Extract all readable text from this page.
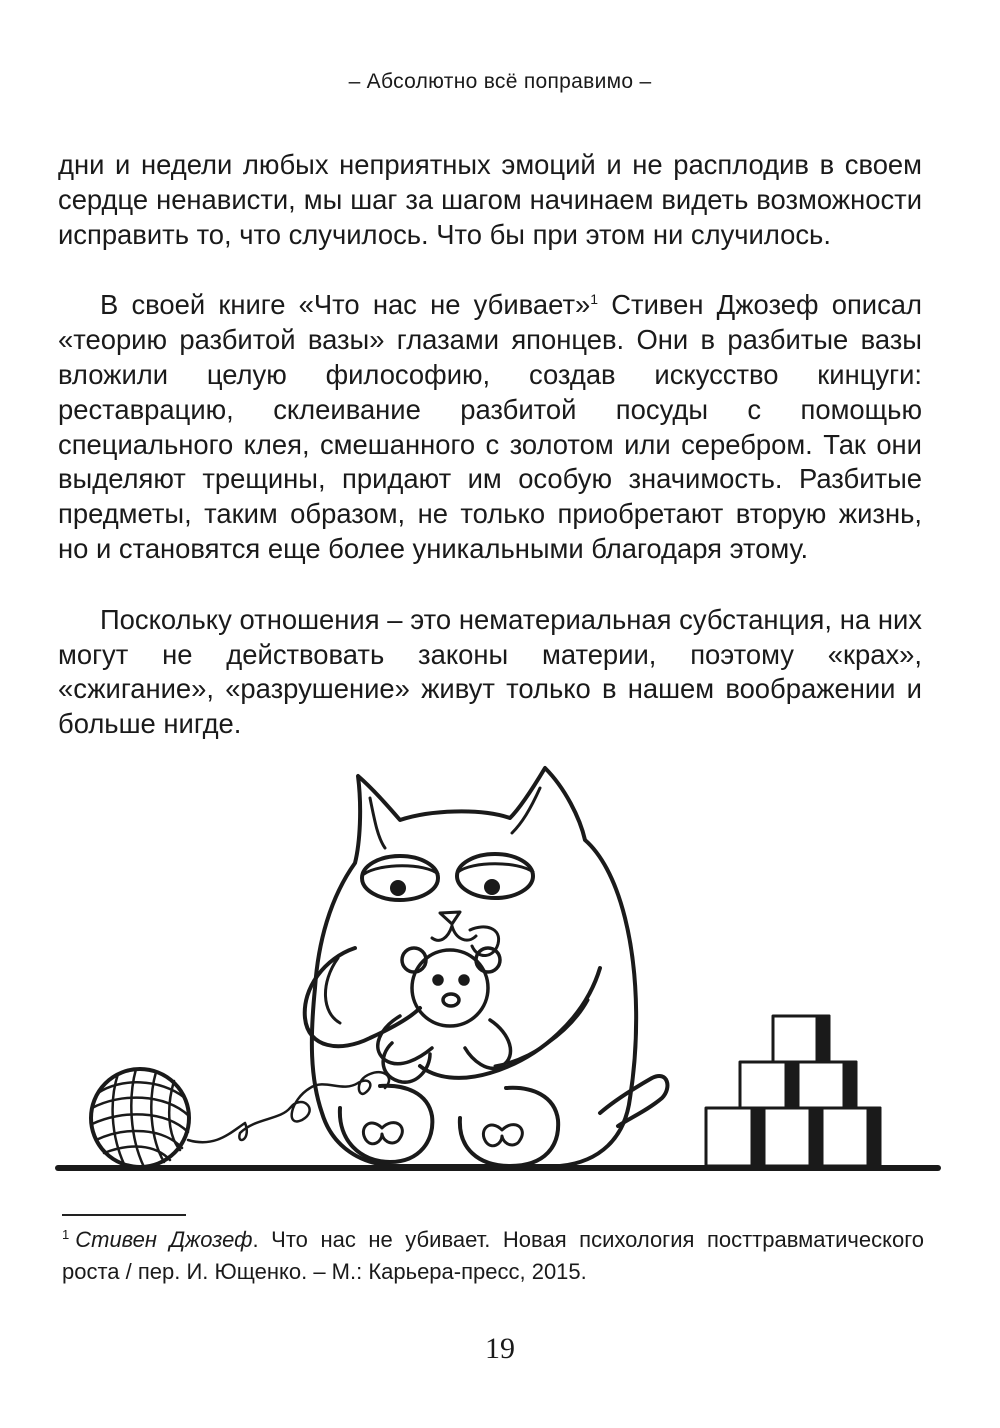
– Абсолютно всё поправимо –

дни и недели любых неприятных эмоций и не расплодив в своем сердце ненависти, мы шаг за шагом начинаем видеть возможности исправить то, что случилось. Что бы при этом ни случилось.

В своей книге «Что нас не убивает»$^1$ Стивен Джозеф описал «теорию разбитой вазы» глазами японцев. Они в разбитые вазы вложили целую философию, создав искусство кинцуги: реставрацию, склеивание разбитой посуды с помощью специального клея, смешанного с золотом или серебром. Так они выделяют трещины, придают им особую значимость. Разбитые предметы, таким образом, не только приобретают вторую жизнь, но и становятся еще более уникальными благодаря этому.

Поскольку отношения – это нематериальная субстанция, на них могут не действовать законы материи, поэтому «крах», «сжигание», «разрушение» живут только в нашем воображении и больше нигде.

$^1$ Стивен Джозеф. Что нас не убивает. Новая психология посттравматического роста / пер. И. Ющенко. – М.: Карьера-пресс, 2015.
19
